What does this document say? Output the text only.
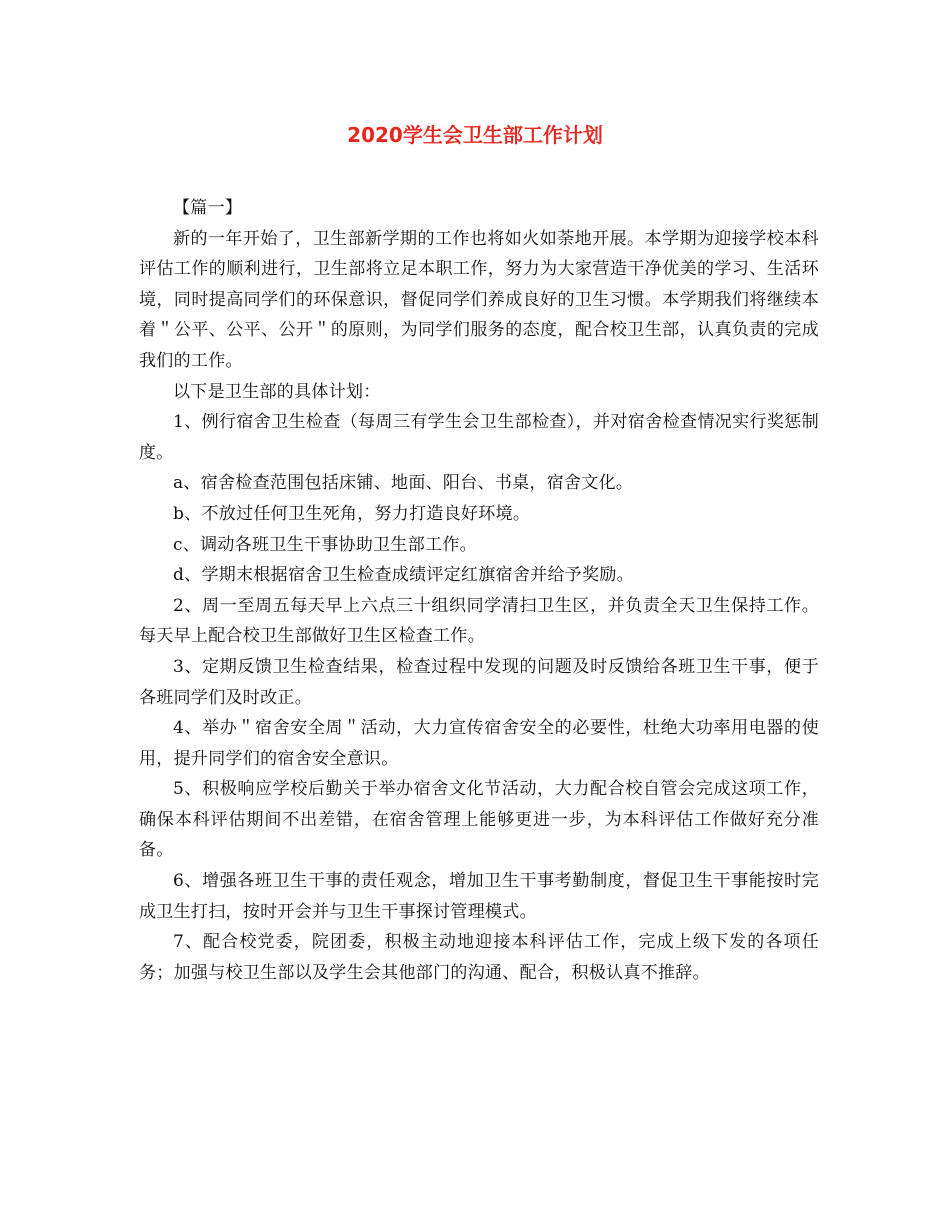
2020学生会卫生部工作计划

【篇一】

新的一年开始了，卫生部新学期的工作也将如火如荼地开展。本学期为迎接学校本科评估工作的顺利进行，卫生部将立足本职工作，努力为大家营造干净优美的学习、生活环境，同时提高同学们的环保意识，督促同学们养成良好的卫生习惯。本学期我们将继续本着＂公平、公平、公开＂的原则，为同学们服务的态度，配合校卫生部，认真负责的完成我们的工作。

以下是卫生部的具体计划：

1、例行宿舍卫生检查（每周三有学生会卫生部检查），并对宿舍检查情况实行奖惩制度。

a、宿舍检查范围包括床铺、地面、阳台、书桌，宿舍文化。

b、不放过任何卫生死角，努力打造良好环境。

c、调动各班卫生干事协助卫生部工作。

d、学期末根据宿舍卫生检查成绩评定红旗宿舍并给予奖励。

2、周一至周五每天早上六点三十组织同学清扫卫生区，并负责全天卫生保持工作。每天早上配合校卫生部做好卫生区检查工作。

3、定期反馈卫生检查结果，检查过程中发现的问题及时反馈给各班卫生干事，便于各班同学们及时改正。

4、举办＂宿舍安全周＂活动，大力宣传宿舍安全的必要性，杜绝大功率用电器的使用，提升同学们的宿舍安全意识。

5、积极响应学校后勤关于举办宿舍文化节活动，大力配合校自管会完成这项工作，确保本科评估期间不出差错，在宿舍管理上能够更进一步，为本科评估工作做好充分准备。

6、增强各班卫生干事的责任观念，增加卫生干事考勤制度，督促卫生干事能按时完成卫生打扫，按时开会并与卫生干事探讨管理模式。

7、配合校党委，院团委，积极主动地迎接本科评估工作，完成上级下发的各项任务；加强与校卫生部以及学生会其他部门的沟通、配合，积极认真不推辞。
